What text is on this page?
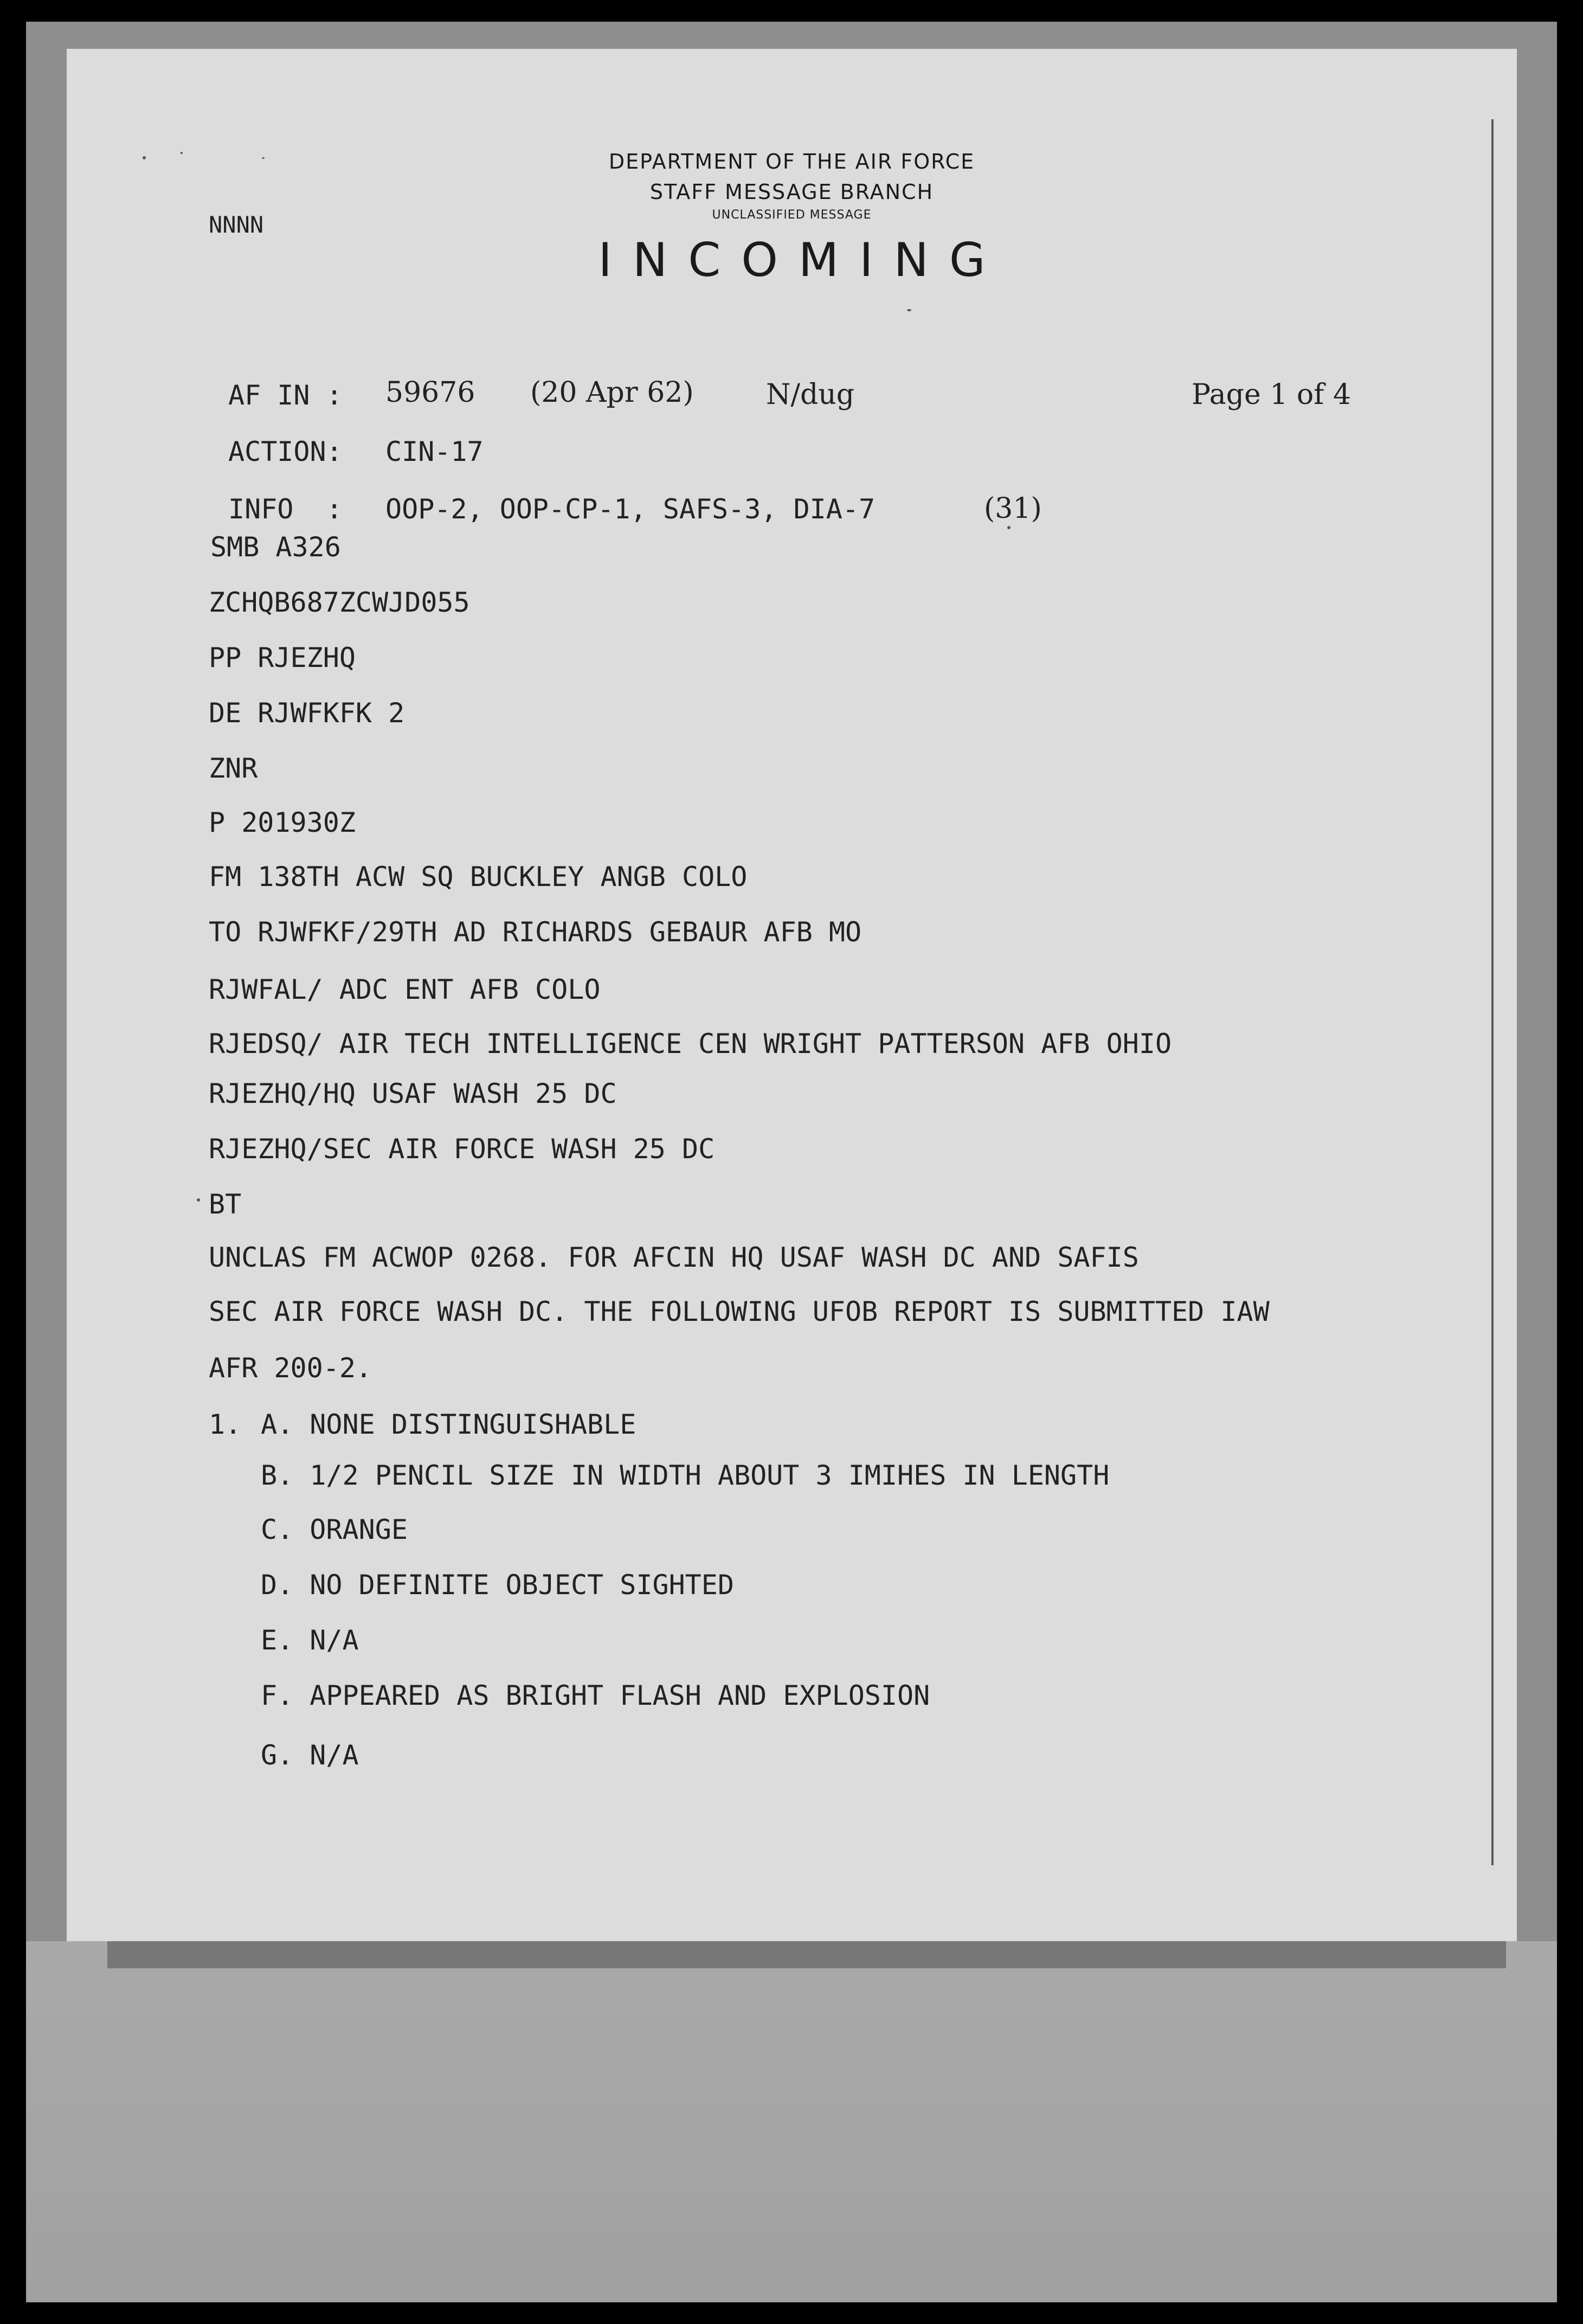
NNNN
DEPARTMENT OF THE AIR FORCE
STAFF MESSAGE BRANCH
UNCLASSIFIED MESSAGE
INCOMING
AF IN : 59676 (20 Apr 62)	N/dug	Page 1 of 4
ACTION: CIN-17
INFO  : OOP-2, OOP-CP-1, SAFS-3, DIA-7	(31)
SMB A326
ZCHQB687ZCWJD055
PP RJEZHQ
DE RJWFKFK 2
ZNR
P 201930Z
FM 138TH ACW SQ BUCKLEY ANGB COLO
TO RJWFKF/29TH AD RICHARDS GEBAUR AFB MO
RJWFAL/ ADC ENT AFB COLO
RJEDSQ/ AIR TECH INTELLIGENCE CEN WRIGHT PATTERSON AFB OHIO
RJEZHQ/HQ USAF WASH 25 DC
RJEZHQ/SEC AIR FORCE WASH 25 DC
BT
UNCLAS FM ACWOP 0268. FOR AFCIN HQ USAF WASH DC AND SAFIS
SEC AIR FORCE WASH DC. THE FOLLOWING UFOB REPORT IS SUBMITTED IAW
AFR 200-2.
1. A. NONE DISTINGUISHABLE
B. 1/2 PENCIL SIZE IN WIDTH ABOUT 3 IMIHES IN LENGTH
C. ORANGE
D. NO DEFINITE OBJECT SIGHTED
E. N/A
F. APPEARED AS BRIGHT FLASH AND EXPLOSION
G. N/A
